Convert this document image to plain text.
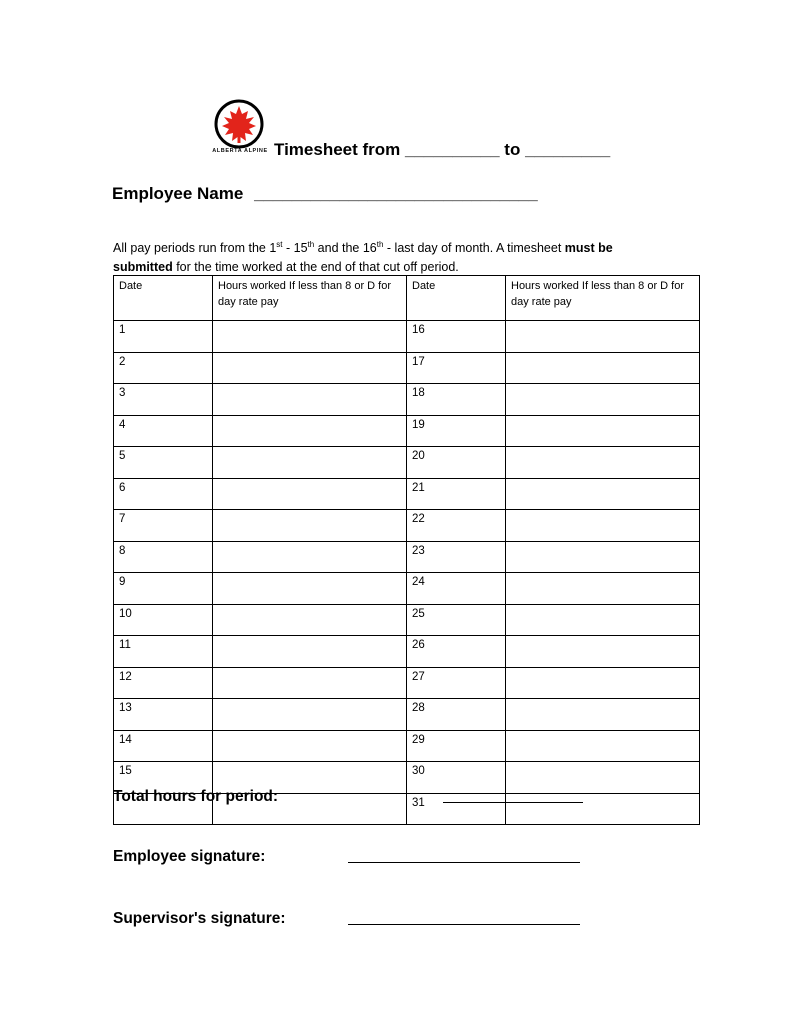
ALBERTA ALPINE Timesheet from __________ to _________
Employee Name ______________________________

All pay periods run from the 1st - 15th and the 16th - last day of month. A timesheet must be submitted for the time worked at the end of that cut off period.

Date	Hours worked If less than 8 or D for day rate pay	Date	Hours worked If less than 8 or D for day rate pay
1		16	
2		17	
3		18	
4		19	
5		20	
6		21	
7		22	
8		23	
9		24	
10		25	
11		26	
12		27	
13		28	
14		29	
15		30	
		31	
Total hours for period:
Employee signature:
Supervisor's signature:
